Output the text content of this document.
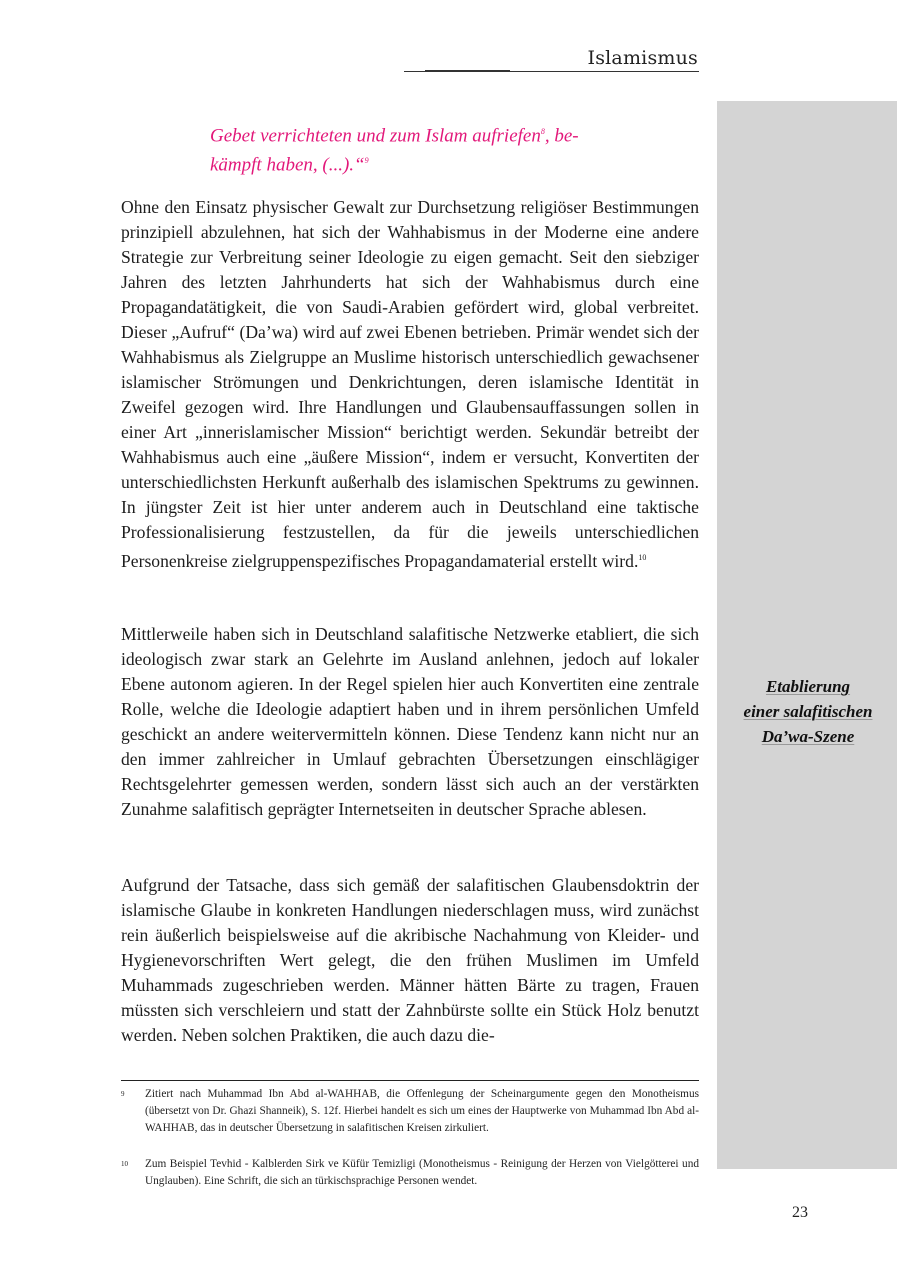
Islamismus
Etablierung
einer salafitischen
Da’wa-Szene
Gebet verrichteten und zum Islam aufriefen$^8$, be-
kämpft haben, (...).“$^9$

Ohne den Einsatz physischer Gewalt zur Durchsetzung religiöser Bestimmungen prinzipiell abzulehnen, hat sich der Wahhabismus in der Moderne eine andere Strategie zur Verbreitung seiner Ideologie zu eigen gemacht. Seit den siebziger Jahren des letzten Jahrhunderts hat sich der Wahhabismus durch eine Propagandatätigkeit, die von Saudi-Arabien gefördert wird, global verbreitet. Dieser „Aufruf“ (Da’wa) wird auf zwei Ebenen betrieben. Primär wendet sich der Wahhabismus als Zielgruppe an Muslime historisch unterschiedlich gewachsener islamischer Strömungen und Denkrichtungen, deren islamische Identität in Zweifel gezogen wird. Ihre Handlungen und Glaubensauffassungen sollen in einer Art „innerislamischer Mission“ berichtigt werden. Sekundär betreibt der Wahhabismus auch eine „äußere Mission“, indem er versucht, Konvertiten der unterschiedlichsten Herkunft außerhalb des islamischen Spektrums zu gewinnen. In jüngster Zeit ist hier unter anderem auch in Deutschland eine taktische Professionalisierung festzustellen, da für die jeweils unterschiedlichen Personenkreise zielgruppenspezifisches Propagandamaterial erstellt wird.$^{10}$

Mittlerweile haben sich in Deutschland salafitische Netzwerke etabliert, die sich ideologisch zwar stark an Gelehrte im Ausland anlehnen, jedoch auf lokaler Ebene autonom agieren. In der Regel spielen hier auch Konvertiten eine zentrale Rolle, welche die Ideologie adaptiert haben und in ihrem persönlichen Umfeld geschickt an andere weitervermitteln können. Diese Tendenz kann nicht nur an den immer zahlreicher in Umlauf gebrachten Übersetzungen einschlägiger Rechtsgelehrter gemessen werden, sondern lässt sich auch an der verstärkten Zunahme salafitisch geprägter Internetseiten in deutscher Sprache ablesen.

Aufgrund der Tatsache, dass sich gemäß der salafitischen Glaubensdoktrin der islamische Glaube in konkreten Handlungen niederschlagen muss, wird zunächst rein äußerlich beispielsweise auf die akribische Nachahmung von Kleider- und Hygienevorschriften Wert gelegt, die den frühen Muslimen im Umfeld Muhammads zugeschrieben werden. Männer hätten Bärte zu tragen, Frauen müssten sich verschleiern und statt der Zahnbürste sollte ein Stück Holz benutzt werden. Neben solchen Praktiken, die auch dazu die-

9 Zitiert nach Muhammad Ibn Abd al-WAHHAB, die Offenlegung der Scheinargumente gegen den Monotheismus (übersetzt von Dr. Ghazi Shanneik), S. 12f. Hierbei handelt es sich um eines der Hauptwerke von Muhammad Ibn Abd al-WAHHAB, das in deutscher Übersetzung in salafitischen Kreisen zirkuliert.
10 Zum Beispiel Tevhid - Kalblerden Sirk ve Küfür Temizligi (Monotheismus - Reinigung der Herzen von Vielgötterei und Unglauben). Eine Schrift, die sich an türkischsprachige Personen wendet.
23
